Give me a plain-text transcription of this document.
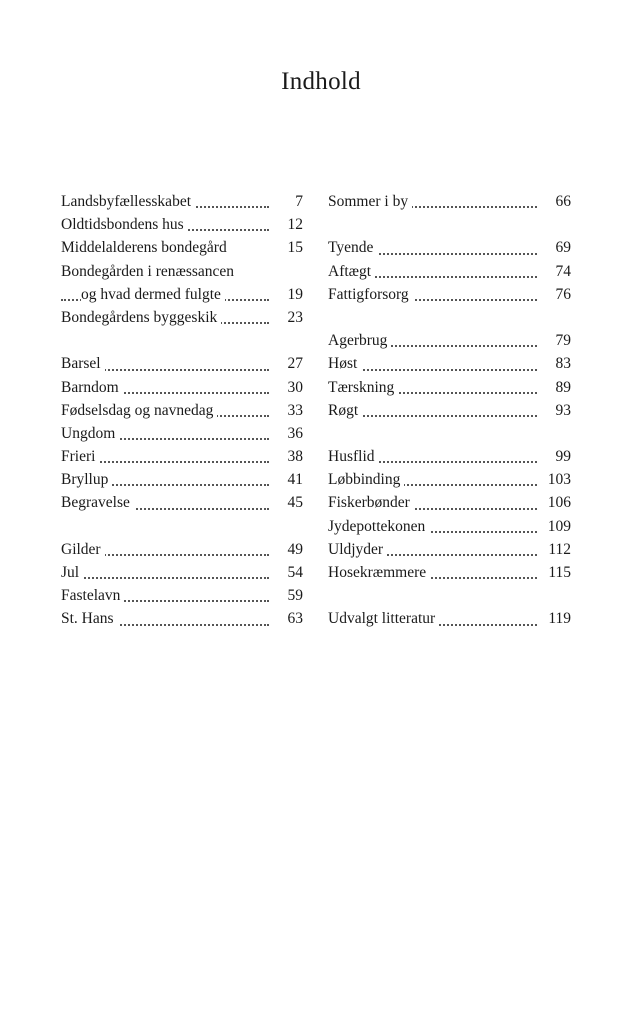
Indhold
Landsbyfællesskabet	7
Oldtidsbondens hus	12
Middelalderens bondegård	15
Bondegården i renæssancen
og hvad dermed fulgte	19
Bondegårdens byggeskik	23
Barsel	27
Barndom	30
Fødselsdag og navnedag	33
Ungdom	36
Frieri	38
Bryllup	41
Begravelse	45
Gilder	49
Jul	54
Fastelavn	59
St. Hans	63
Sommer i by	66
Tyende	69
Aftægt	74
Fattigforsorg	76
Agerbrug	79
Høst	83
Tærskning	89
Røgt	93
Husflid	99
Løbbinding	103
Fiskerbønder	106
Jydepottekonen	109
Uldjyder	112
Hosekræmmere	115
Udvalgt litteratur	119
